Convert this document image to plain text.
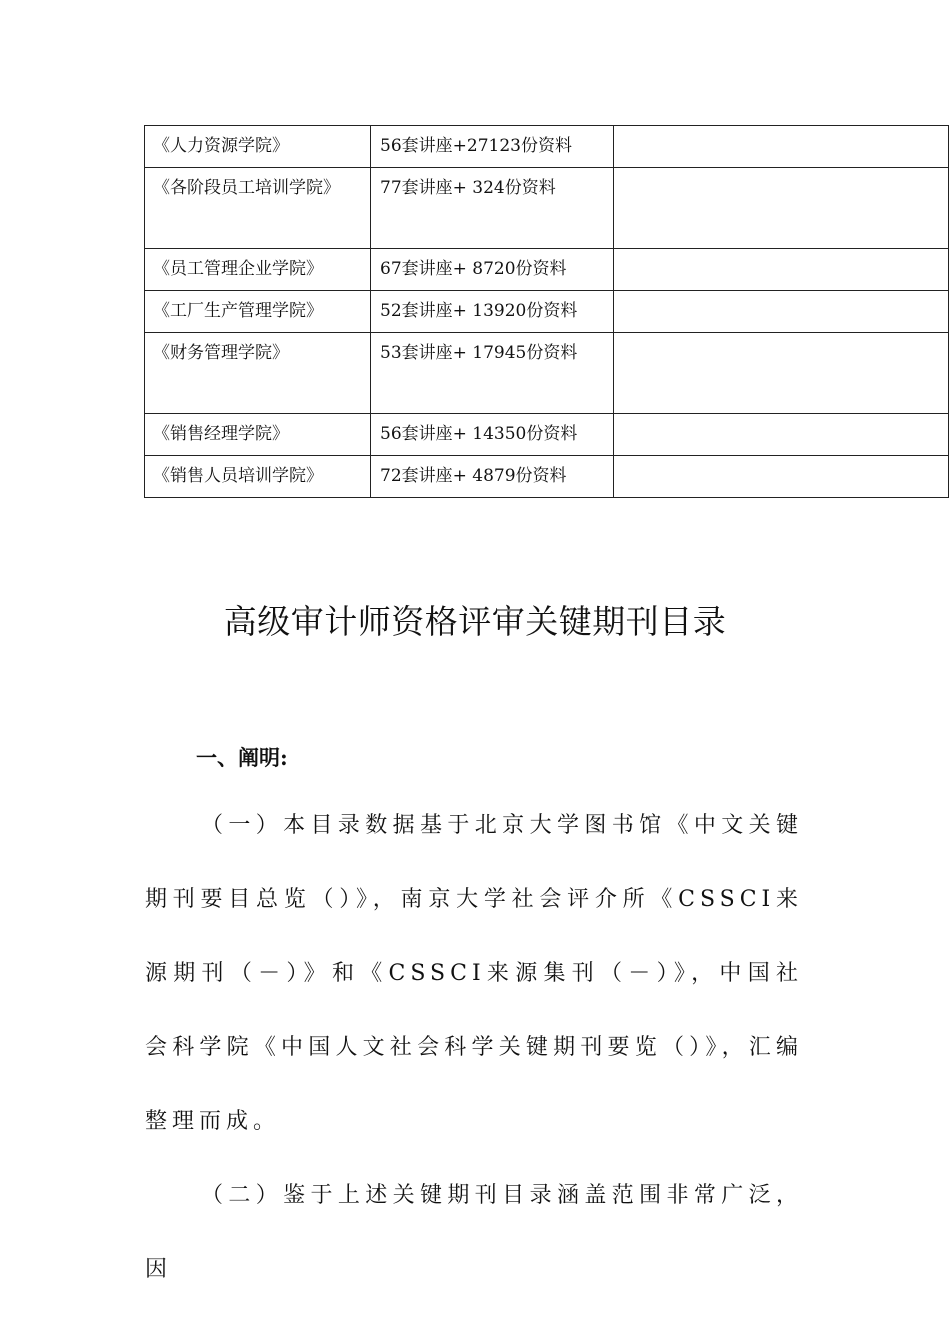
《人力资源学院》	56套讲座+27123份资料	
《各阶段员工培训学院》	77套讲座+ 324份资料	
《员工管理企业学院》	67套讲座+ 8720份资料	
《工厂生产管理学院》	52套讲座+ 13920份资料	
《财务管理学院》	53套讲座+ 17945份资料	
《销售经理学院》	56套讲座+ 14350份资料	
《销售人员培训学院》	72套讲座+ 4879份资料	
高级审计师资格评审关键期刊目录
一、阐明:

（一）本目录数据基于北京大学图书馆《中文关键期刊要目总览（）》，南京大学社会评介所《CSSCI来源期刊（－）》和《CSSCI来源集刊（－）》，中国社会科学院《中国人文社会科学关键期刊要览（）》，汇编整理而成。

（二）鉴于上述关键期刊目录涵盖范围非常广泛，因
